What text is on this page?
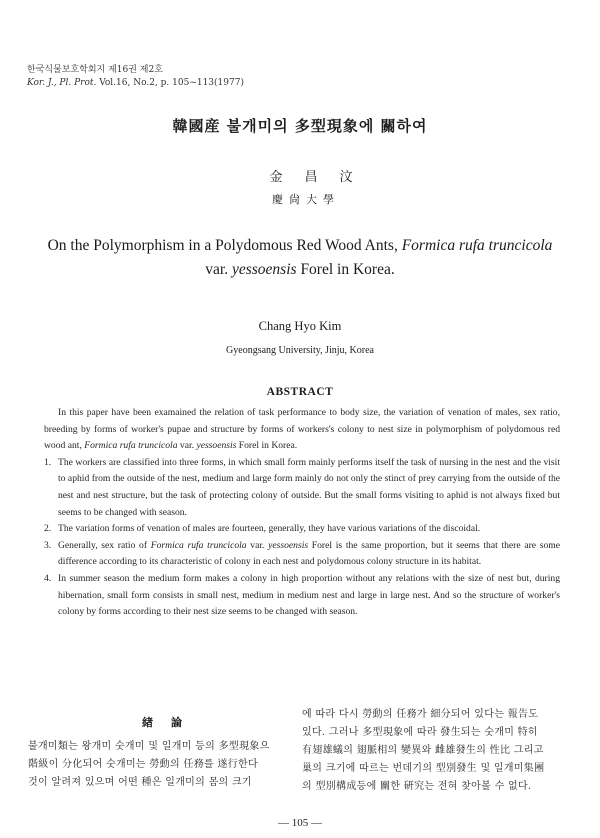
한국식물보호학회지 제16권 제2호
Kor. J., Pl. Prot. Vol.16, No.2, p. 105~113(1977)
韓國産 불개미의 多型現象에 關하여
金昌汶
慶尙大學
On the Polymorphism in a Polydomous Red Wood Ants, Formica rufa truncicola var. yessoensis Forel in Korea.
Chang Hyo Kim
Gyeongsang University, Jinju, Korea
ABSTRACT

In this paper have been examained the relation of task performance to body size, the variation of venation of males, sex ratio, breeding by forms of worker's pupae and structure by forms of workers's colony to nest size in polymorphism of polydomous red wood ant, Formica rufa truncicola var. yessoensis Forel in Korea.

1. The workers are classified into three forms, in which small form mainly performs itself the task of nursing in the nest and the visit to aphid from the outside of the nest, medium and large form mainly do not only the stinct of prey carrying from the outside of the nest and nest structure, but the task of protecting colony of outside. But the small forms visiting to aphid is not always fixed but seems to be changed with season.
2. The variation forms of venation of males are fourteen, generally, they have various variations of the discoidal.
3. Generally, sex ratio of Formica rufa truncicola var. yessoensis Forel is the same proportion, but it seems that there are some difference according to its characteristic of colony in each nest and polydomous colony structure in its habitat.
4. In summer season the medium form makes a colony in high proportion without any relations with the size of nest but, during hibernation, small form consists in small nest, medium in medium nest and large in large nest. And so the structure of worker's colony by forms according to their nest size seems to be changed with season.
緖論
불개미類는 왕개미 숫개미 및 일개미 등의 多型現象으
階級이 分化되어 숫개미는 勞動의 任務를 遂行한다
것이 알려져 있으며 어떤 種은 일개미의 몸의 크기
에 따라 다시 勞動의 任務가 細分되어 있다는 報告도
있다. 그러나 多型現象에 따라 發生되는 숫개미 特히
有翅雄蟻의 翅脈相의 變異와 雌雄發生의 性比 그리고
巢의 크기에 따르는 번데기의 型別發生 및 일개미集團
의 型別構成등에 關한 硏究는 전혀 찾아볼 수 없다.
— 105 —
